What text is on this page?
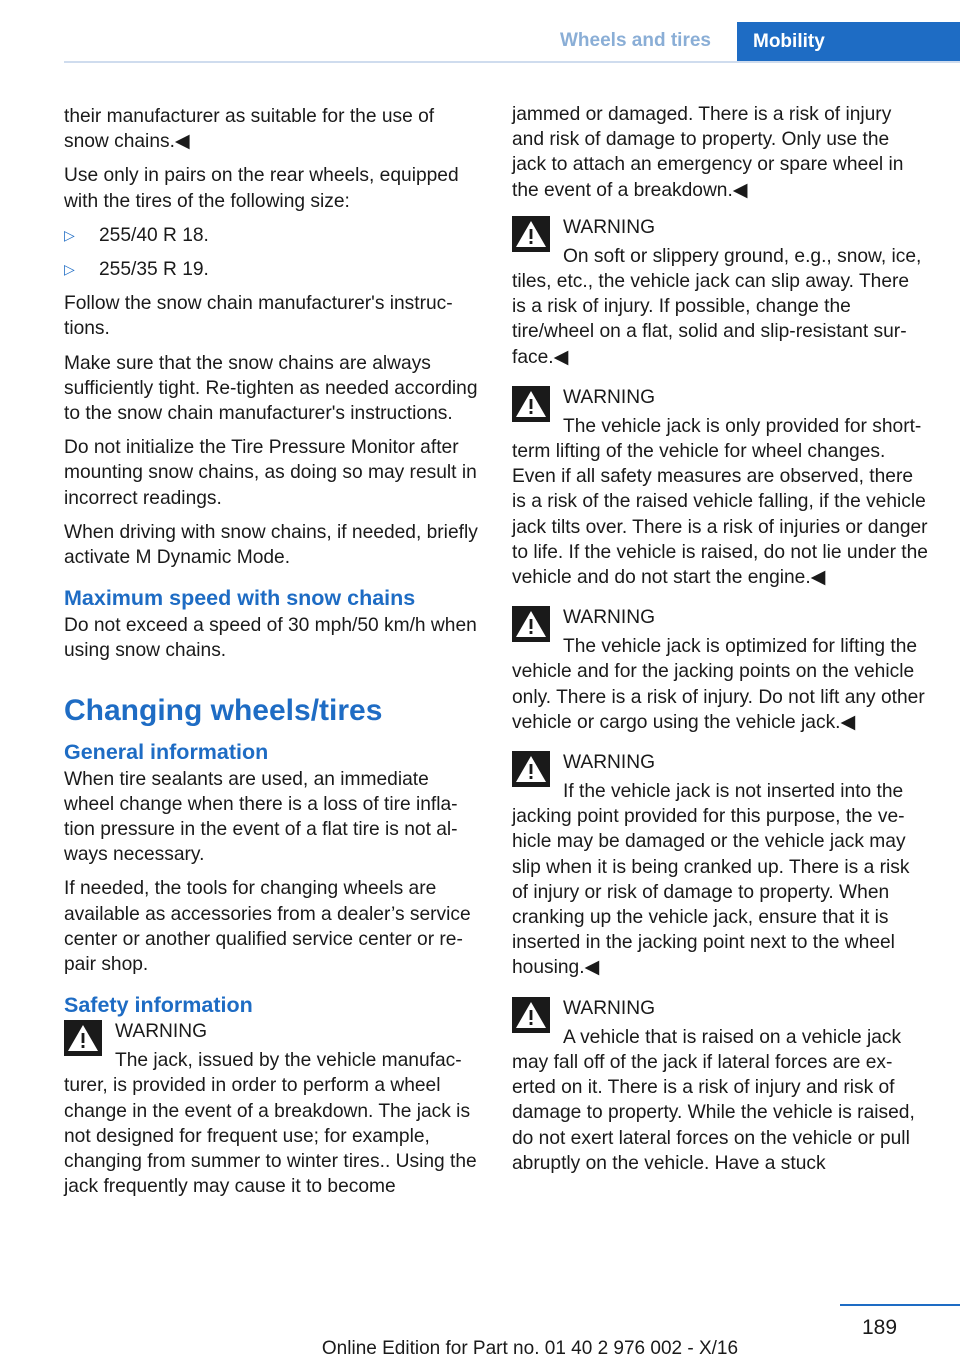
Wheels and tires	Mobility

their manufacturer as suitable for the use of snow chains.◀

Use only in pairs on the rear wheels, equipped with the tires of the following size:

▷	255/40 R 18.
▷	255/35 R 19.

Follow the snow chain manufacturer's instructions.

Make sure that the snow chains are always sufficiently tight. Re-tighten as needed according to the snow chain manufacturer's instructions.

Do not initialize the Tire Pressure Monitor after mounting snow chains, as doing so may result in incorrect readings.

When driving with snow chains, if needed, briefly activate M Dynamic Mode.

Maximum speed with snow chains

Do not exceed a speed of 30 mph/50 km/h when using snow chains.

Changing wheels/tires
General information

When tire sealants are used, an immediate wheel change when there is a loss of tire inflation pressure in the event of a flat tire is not always necessary.

If needed, the tools for changing wheels are available as accessories from a dealer’s service center or another qualified service center or repair shop.

Safety information
WARNING
The jack, issued by the vehicle manufacturer, is provided in order to perform a wheel change in the event of a breakdown. The jack is not designed for frequent use; for example, changing from summer to winter tires.. Using the jack frequently may cause it to become

jammed or damaged. There is a risk of injury and risk of damage to property. Only use the jack to attach an emergency or spare wheel in the event of a breakdown.◀

WARNING
On soft or slippery ground, e.g., snow, ice, tiles, etc., the vehicle jack can slip away. There is a risk of injury. If possible, change the tire/wheel on a flat, solid and slip-resistant surface.◀
WARNING
The vehicle jack is only provided for short-term lifting of the vehicle for wheel changes. Even if all safety measures are observed, there is a risk of the raised vehicle falling, if the vehicle jack tilts over. There is a risk of injuries or danger to life. If the vehicle is raised, do not lie under the vehicle and do not start the engine.◀
WARNING
The vehicle jack is optimized for lifting the vehicle and for the jacking points on the vehicle only. There is a risk of injury. Do not lift any other vehicle or cargo using the vehicle jack.◀
WARNING
If the vehicle jack is not inserted into the jacking point provided for this purpose, the vehicle may be damaged or the vehicle jack may slip when it is being cranked up. There is a risk of injury or risk of damage to property. When cranking up the vehicle jack, ensure that it is inserted in the jacking point next to the wheel housing.◀
WARNING
A vehicle that is raised on a vehicle jack may fall off of the jack if lateral forces are exerted on it. There is a risk of injury and risk of damage to property. While the vehicle is raised, do not exert lateral forces on the vehicle or pull abruptly on the vehicle. Have a stuck
189
Online Edition for Part no. 01 40 2 976 002 - X/16
